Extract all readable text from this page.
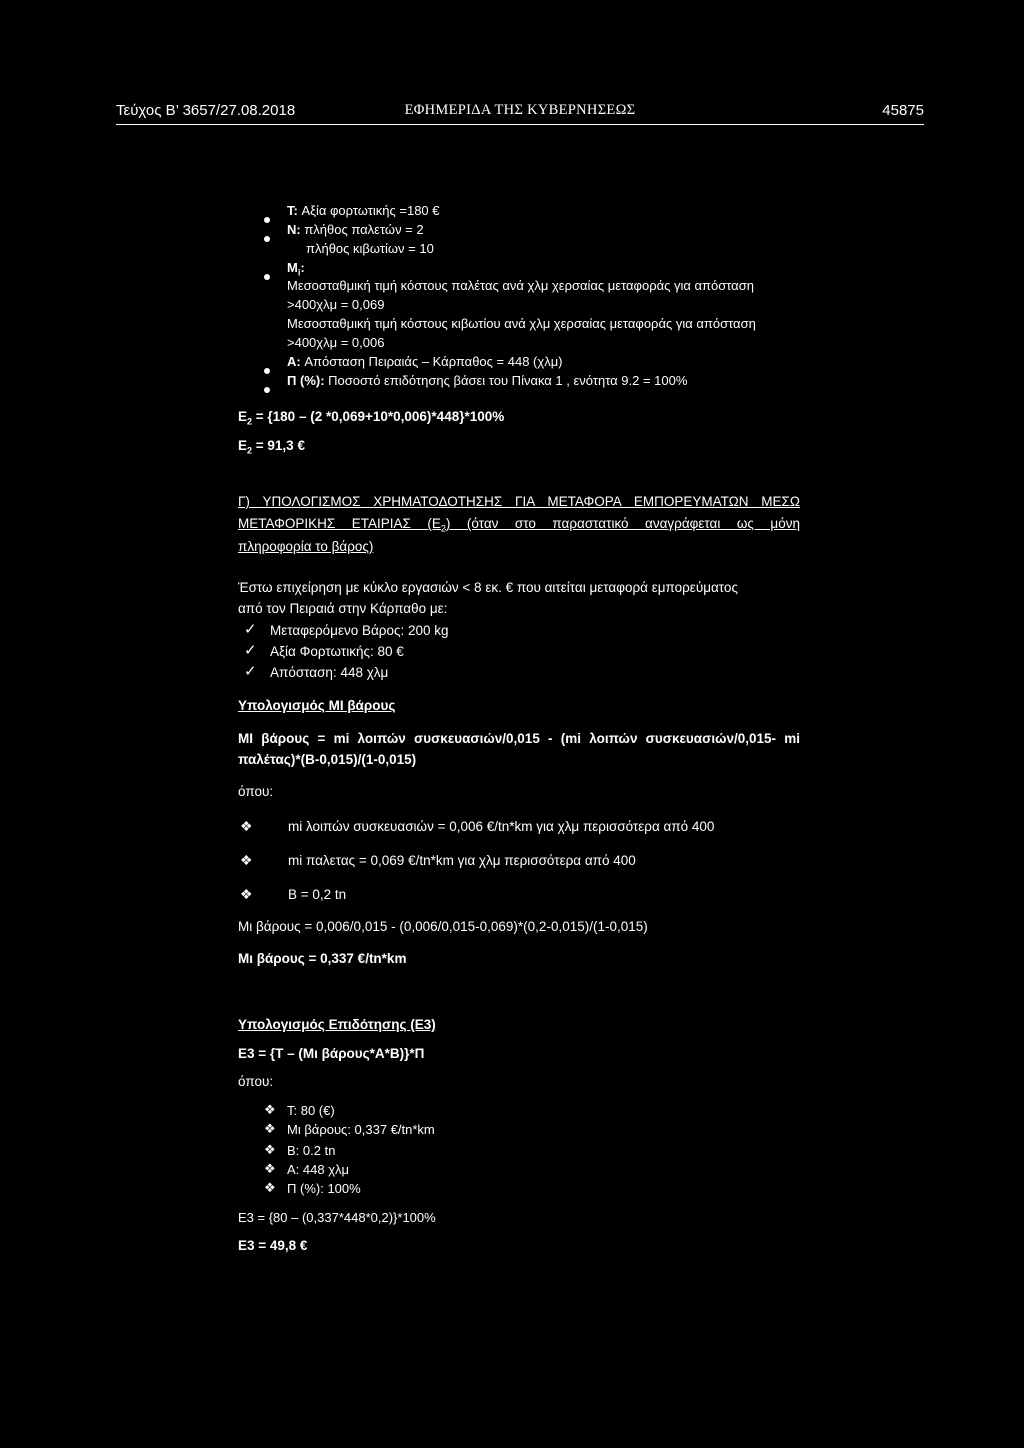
Τεύχος Β’ 3657/27.08.2018	ΕΦΗΜΕΡΙΔΑ ΤΗΣ ΚΥΒΕΡΝΗΣΕΩΣ	45875
T: Αξία φορτωτικής =180 €
N: πλήθος παλετών = 2
πλήθος κιβωτίων = 10
$M_i$:
Μεσοσταθμική τιμή κόστους παλέτας ανά χλμ χερσαίας μεταφοράς για απόσταση
>400χλμ = 0,069
Μεσοσταθμική τιμή κόστους κιβωτίου ανά χλμ χερσαίας μεταφοράς για απόσταση
>400χλμ = 0,006
A: Απόσταση Πειραιάς – Κάρπαθος = 448 (χλμ)
Π (%): Ποσοστό επιδότησης βάσει του Πίνακα 1 , ενότητα 9.2 = 100%
$E_2 = \{180 - (2$ *0,069+10*0,006)*448}*100%
$E_2 = 91,3$ €
Γ) ΥΠΟΛΟΓΙΣΜΟΣ ΧΡΗΜΑΤΟΔΟΤΗΣΗΣ ΓΙΑ ΜΕΤΑΦΟΡΑ ΕΜΠΟΡΕΥΜΑΤΩΝ ΜΕΣΩ
ΜΕΤΑΦΟΡΙΚΗΣ ΕΤΑΙΡΙΑΣ $(E_2)$ (όταν στο παραστατικό αναγράφεται ως μόνη
πληροφορία το βάρος)
Έστω επιχείρηση με κύκλο εργασιών < 8 εκ. € που αιτείται μεταφορά εμπορεύματος
από τον Πειραιά στην Κάρπαθο με:
✓ Μεταφερόμενο Βάρος: 200 kg
✓ Αξία Φορτωτικής: 80 €
✓ Απόσταση: 448 χλμ
Υπολογισμός ΜΙ βάρους
ΜΙ βάρους = mi λοιπών συσκευασιών/0,015 - (mi λοιπών συσκευασιών/0,015- mi
παλέτας)*(Β-0,015)/(1-0,015)
όπου:
❖	mi λοιπών συσκευασιών = 0,006 €/tn*km για χλμ περισσότερα από 400
❖	mi παλετας = 0,069 €/tn*km για χλμ περισσότερα από 400
❖	B = 0,2 tn
Μι βάρους = 0,006/0,015 - (0,006/0,015-0,069)*(0,2-0,015)/(1-0,015)
Μι βάρους = 0,337 €/tn*km
Υπολογισμός Επιδότησης (Ε3)
Ε3 = {Τ – (Μι βάρους*Α*Β)}*Π
όπου:
❖ Τ: 80 (€)
❖ Μι βάρους: 0,337 €/tn*km
❖ Β: 0.2 tn
❖ Α: 448 χλμ
❖ Π (%): 100%
Ε3 = {80 – (0,337*448*0,2)}*100%
Ε3 = 49,8 €
